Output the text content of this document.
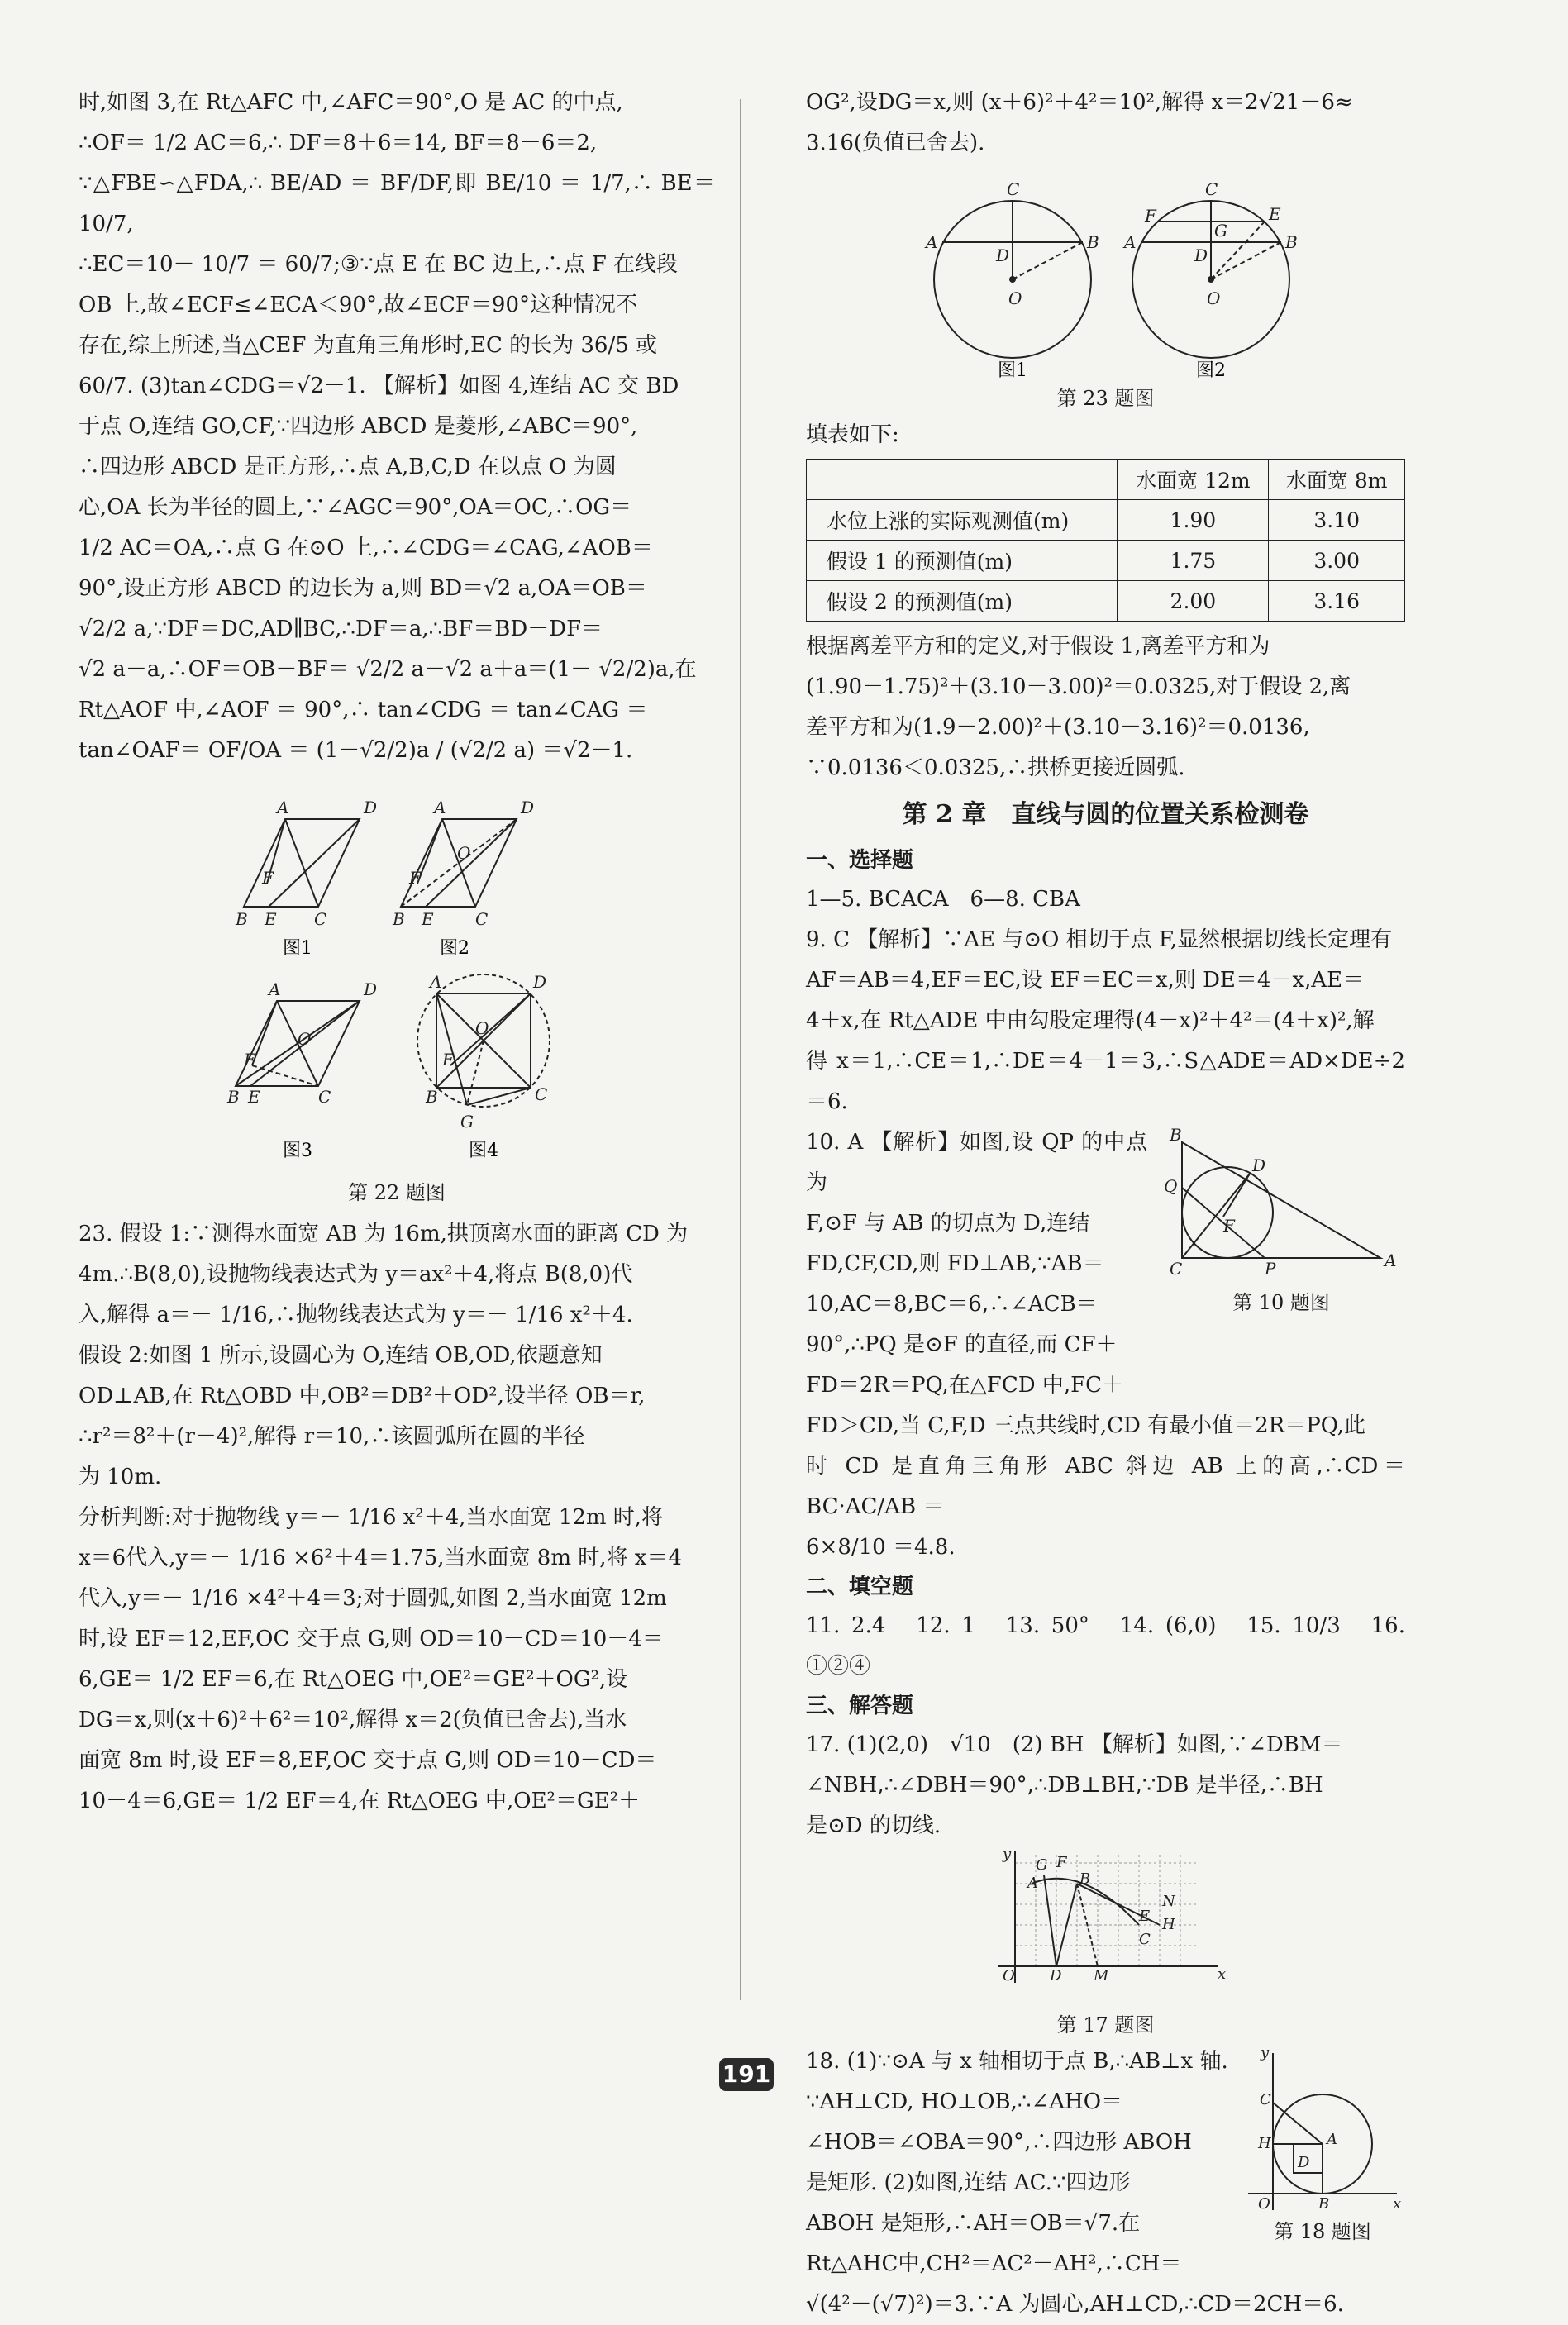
时,如图 3,在 Rt△AFC 中,∠AFC＝90°,O 是 AC 的中点,

∴OF＝ 1/2 AC＝6,∴ DF＝8＋6＝14, BF＝8－6＝2,

∵△FBE∽△FDA,∴ BE/AD ＝ BF/DF,即 BE/10 ＝ 1/7,∴ BE＝ 10/7,

∴EC＝10－ 10/7 ＝ 60/7;③∵点 E 在 BC 边上,∴点 F 在线段

OB 上,故∠ECF≤∠ECA＜90°,故∠ECF＝90°这种情况不

存在,综上所述,当△CEF 为直角三角形时,EC 的长为 36/5 或

60/7. (3)tan∠CDG＝√2－1. 【解析】如图 4,连结 AC 交 BD

于点 O,连结 GO,CF,∵四边形 ABCD 是菱形,∠ABC＝90°,

∴四边形 ABCD 是正方形,∴点 A,B,C,D 在以点 O 为圆

心,OA 长为半径的圆上,∵∠AGC＝90°,OA＝OC,∴OG＝

1/2 AC＝OA,∴点 G 在⊙O 上,∴∠CDG＝∠CAG,∠AOB＝

90°,设正方形 ABCD 的边长为 a,则 BD＝√2 a,OA＝OB＝

√2/2 a,∵DF＝DC,AD∥BC,∴DF＝a,∴BF＝BD－DF＝

√2 a－a,∴OF＝OB－BF＝ √2/2 a－√2 a＋a＝(1－ √2/2)a,在

Rt△AOF 中,∠AOF ＝ 90°,∴ tan∠CDG ＝ tan∠CAG ＝

tan∠OAF＝ OF/OA ＝ (1－√2/2)a / (√2/2 a) ＝√2－1.

A	D
B E C
F
图1
A	D
B E	C
F
O
图2
A	D
B E	C
F
O
图3
A	D
B	C
F
O
G
图4
第 22 题图

23. 假设 1:∵测得水面宽 AB 为 16m,拱顶离水面的距离 CD 为

4m.∴B(8,0),设抛物线表达式为 y＝ax²＋4,将点 B(8,0)代

入,解得 a＝－ 1/16,∴抛物线表达式为 y＝－ 1/16 x²＋4.

假设 2:如图 1 所示,设圆心为 O,连结 OB,OD,依题意知

OD⊥AB,在 Rt△OBD 中,OB²＝DB²＋OD²,设半径 OB＝r,

∴r²＝8²＋(r－4)²,解得 r＝10,∴该圆弧所在圆的半径

为 10m.

分析判断:对于抛物线 y＝－ 1/16 x²＋4,当水面宽 12m 时,将

x＝6代入,y＝－ 1/16 ×6²＋4＝1.75,当水面宽 8m 时,将 x＝4

代入,y＝－ 1/16 ×4²＋4＝3;对于圆弧,如图 2,当水面宽 12m

时,设 EF＝12,EF,OC 交于点 G,则 OD＝10－CD＝10－4＝

6,GE＝ 1/2 EF＝6,在 Rt△OEG 中,OE²＝GE²＋OG²,设

DG＝x,则(x＋6)²＋6²＝10²,解得 x＝2(负值已舍去),当水

面宽 8m 时,设 EF＝8,EF,OC 交于点 G,则 OD＝10－CD＝

10－4＝6,GE＝ 1/2 EF＝4,在 Rt△OEG 中,OE²＝GE²＋

OG²,设DG＝x,则 (x＋6)²＋4²＝10²,解得 x＝2√21－6≈

3.16(负值已舍去).

A	B
C
D
O
图1
A	B
C
D
O
F	E
G
图2
第 23 题图

填表如下:

	水面宽 12m	水面宽 8m
水位上涨的实际观测值(m)	1.90	3.10
假设 1 的预测值(m)	1.75	3.00
假设 2 的预测值(m)	2.00	3.16

根据离差平方和的定义,对于假设 1,离差平方和为

(1.90－1.75)²＋(3.10－3.00)²＝0.0325,对于假设 2,离

差平方和为(1.9－2.00)²＋(3.10－3.16)²＝0.0136,

∵0.0136＜0.0325,∴拱桥更接近圆弧.

第 2 章　直线与圆的位置关系检测卷
一、选择题

1—5. BCACA　6—8. CBA

9. C 【解析】∵AE 与⊙O 相切于点 F,显然根据切线长定理有

AF＝AB＝4,EF＝EC,设 EF＝EC＝x,则 DE＝4－x,AE＝

4＋x,在 Rt△ADE 中由勾股定理得(4－x)²＋4²＝(4＋x)²,解

得 x＝1,∴CE＝1,∴DE＝4－1＝3,∴S△ADE＝AD×DE÷2＝6.

B
C	A
D
Q
P
F
第 10 题图

10. A 【解析】如图,设 QP 的中点为

F,⊙F 与 AB 的切点为 D,连结

FD,CF,CD,则 FD⊥AB,∵AB＝

10,AC＝8,BC＝6,∴∠ACB＝

90°,∴PQ 是⊙F 的直径,而 CF＋

FD＝2R＝PQ,在△FCD 中,FC＋

FD＞CD,当 C,F,D 三点共线时,CD 有最小值＝2R＝PQ,此

时 CD 是直角三角形 ABC 斜边 AB 上的高,∴CD＝ BC·AC/AB ＝

6×8/10 ＝4.8.

二、填空题

11. 2.4　12. 1　13. 50°　14. (6,0)　15. 10/3　16. ①②④

三、解答题

17. (1)(2,0)　√10　(2) BH 【解析】如图,∵∠DBM＝

∠NBH,∴∠DBH＝90°,∴DB⊥BH,∵DB 是半径,∴BH

是⊙D 的切线.

y
x
O D M
G F
A	B
N
H
E
C
第 17 题图
y
x
O	B
H	A
C
D
第 18 题图

18. (1)∵⊙A 与 x 轴相切于点 B,∴AB⊥x 轴.

∵AH⊥CD, HO⊥OB,∴∠AHO＝

∠HOB＝∠OBA＝90°,∴四边形 ABOH

是矩形. (2)如图,连结 AC.∵四边形

ABOH 是矩形,∴AH＝OB＝√7.在

Rt△AHC中,CH²＝AC²－AH²,∴CH＝

√(4²－(√7)²)＝3.∵A 为圆心,AH⊥CD,∴CD＝2CH＝6.

191
